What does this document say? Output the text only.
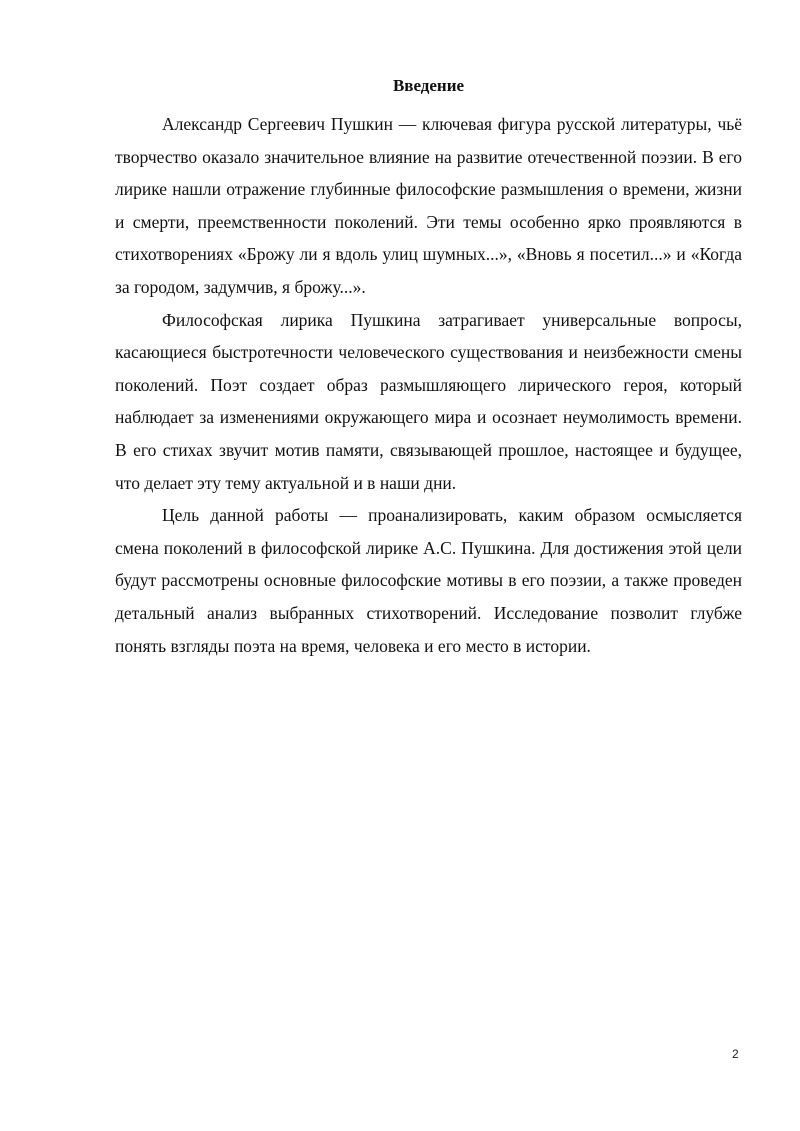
Введение

Александр Сергеевич Пушкин — ключевая фигура русской литературы, чьё творчество оказало значительное влияние на развитие отечественной поэзии. В его лирике нашли отражение глубинные философские размышления о времени, жизни и смерти, преемственности поколений. Эти темы особенно ярко проявляются в стихотворениях «Брожу ли я вдоль улиц шумных...», «Вновь я посетил...» и «Когда за городом, задумчив, я брожу...».

Философская лирика Пушкина затрагивает универсальные вопросы, касающиеся быстротечности человеческого существования и неизбежности смены поколений. Поэт создает образ размышляющего лирического героя, который наблюдает за изменениями окружающего мира и осознает неумолимость времени. В его стихах звучит мотив памяти, связывающей прошлое, настоящее и будущее, что делает эту тему актуальной и в наши дни.

Цель данной работы — проанализировать, каким образом осмысляется смена поколений в философской лирике А.С. Пушкина. Для достижения этой цели будут рассмотрены основные философские мотивы в его поэзии, а также проведен детальный анализ выбранных стихотворений. Исследование позволит глубже понять взгляды поэта на время, человека и его место в истории.

2
